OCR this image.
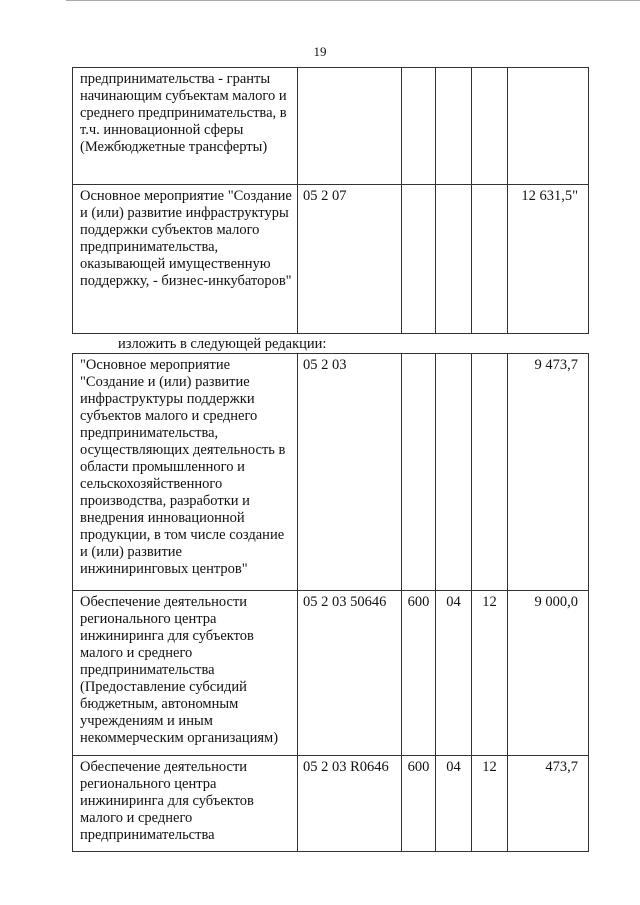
19
предпринимательства - гранты начинающим субъектам малого и среднего предпринимательства, в т.ч. инновационной сферы (Межбюджетные трансферты)					
Основное мероприятие "Создание и (или) развитие инфраструктуры поддержки субъектов малого предпринимательства, оказывающей имущественную поддержку, - бизнес-инкубаторов"	05 2 07				12 631,5"
изложить в следующей редакции:
"Основное мероприятие "Создание и (или) развитие инфраструктуры поддержки субъектов малого и среднего предпринимательства, осуществляющих деятельность в области промышленного и сельскохозяйственного производства, разработки и внедрения инновационной продукции, в том числе создание и (или) развитие инжиниринговых центров"	05 2 03				9 473,7
Обеспечение деятельности регионального центра инжиниринга для субъектов малого и среднего предпринимательства (Предоставление субсидий бюджетным, автономным учреждениям и иным некоммерческим организациям)	05 2 03 50646	600	04	12	9 000,0
Обеспечение деятельности регионального центра инжиниринга для субъектов малого и среднего предпринимательства	05 2 03 R0646	600	04	12	473,7
